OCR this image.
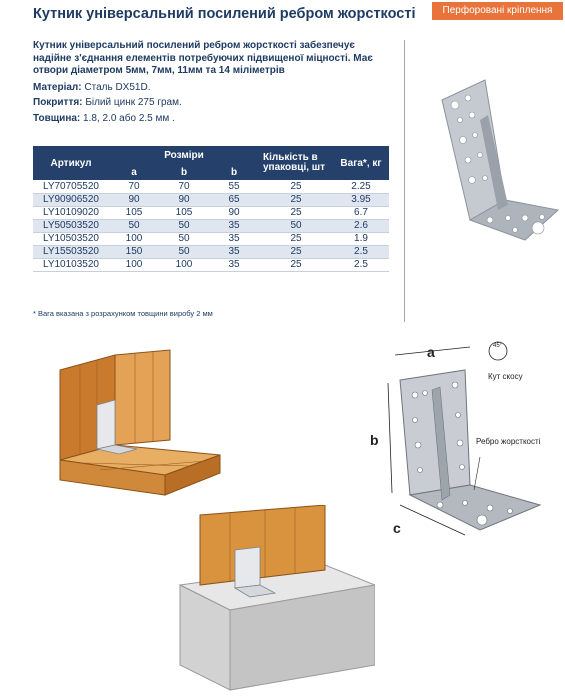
Кутник універсальний посилений ребром жорсткості	Перфоровані кріплення
Кутник універсальний посилений ребром жорсткості забезпечує надійне з'єднання елементів потребуючих підвищеної міцності. Має отвори діаметром 5мм, 7мм, 11мм та 14 міліметрів
Матеріал: Сталь DX51D.
Покриття: Білий цинк 275 грам.
Товщина: 1.8, 2.0 або 2.5 мм .
Артикул	Розміри			Кількість в упаковці, шт	Вага*, кг
	a	b	b		
LY70705520	70	70	55	25	2.25
LY90906520	90	90	65	25	3.95
LY10109020	105	105	90	25	6.7
LY50503520	50	50	35	50	2.6
LY10503520	100	50	35	25	1.9
LY15503520	150	50	35	25	2.5
LY10103520	100	100	35	25	2.5
* Вага вказана з розрахунком товщини виробу 2 мм
a
b
c
45°
Кут скосу
Ребро жорсткості
